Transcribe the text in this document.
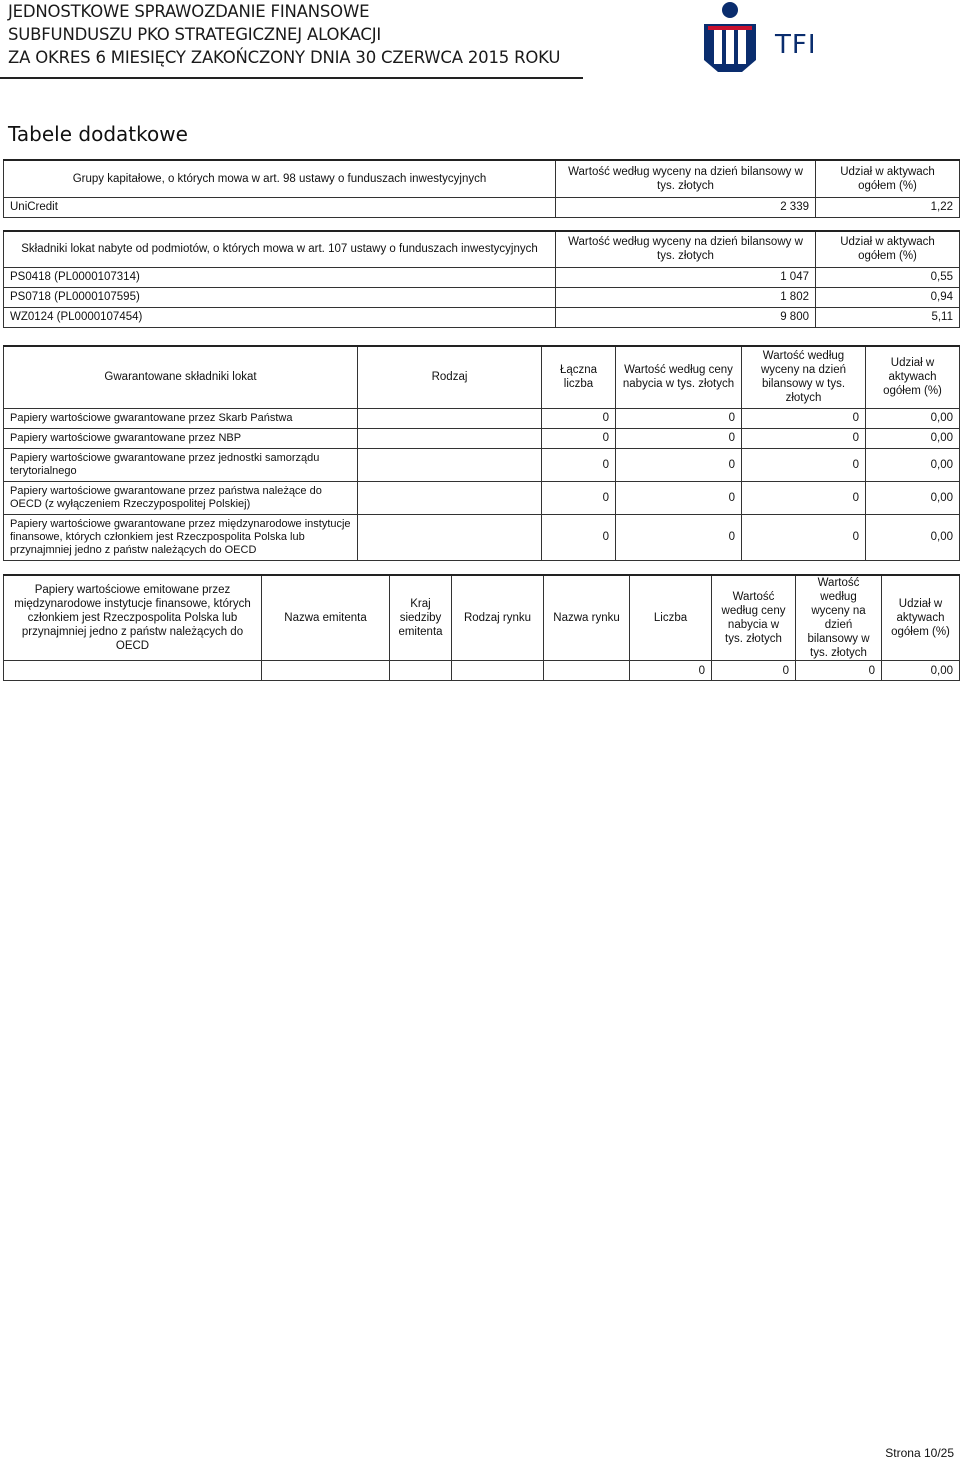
JEDNOSTKOWE SPRAWOZDANIE FINANSOWE
SUBFUNDUSZU PKO STRATEGICZNEJ ALOKACJI
ZA OKRES 6 MIESIĘCY ZAKOŃCZONY DNIA 30 CZERWCA 2015 ROKU	TFI
Tabele dodatkowe
Grupy kapitałowe, o których mowa w art. 98 ustawy o funduszach inwestycyjnych	Wartość według wyceny na dzień bilansowy w tys. złotych	Udział w aktywach ogółem (%)
UniCredit	2 339	1,22
Składniki lokat nabyte od podmiotów, o których mowa w art. 107 ustawy o funduszach inwestycyjnych	Wartość według wyceny na dzień bilansowy w tys. złotych	Udział w aktywach ogółem (%)
PS0418 (PL0000107314)	1 047	0,55
PS0718 (PL0000107595)	1 802	0,94
WZ0124 (PL0000107454)	9 800	5,11
Gwarantowane składniki lokat	Rodzaj	Łączna liczba	Wartość według ceny nabycia w tys. złotych	Wartość według wyceny na dzień bilansowy w tys. złotych	Udział w aktywach ogółem (%)
Papiery wartościowe gwarantowane przez Skarb Państwa		0	0	0	0,00
Papiery wartościowe gwarantowane przez NBP		0	0	0	0,00
Papiery wartościowe gwarantowane przez jednostki samorządu terytorialnego		0	0	0	0,00
Papiery wartościowe gwarantowane przez państwa należące do OECD (z wyłączeniem Rzeczypospolitej Polskiej)		0	0	0	0,00
Papiery wartościowe gwarantowane przez międzynarodowe instytucje finansowe, których członkiem jest Rzeczpospolita Polska lub przynajmniej jedno z państw należących do OECD		0	0	0	0,00
Papiery wartościowe emitowane przez międzynarodowe instytucje finansowe, których członkiem jest Rzeczpospolita Polska lub przynajmniej jedno z państw należących do OECD	Nazwa emitenta	Kraj siedziby emitenta	Rodzaj rynku	Nazwa rynku	Liczba	Wartość według ceny nabycia w tys. złotych	Wartość według wyceny na dzień bilansowy w tys. złotych	Udział w aktywach ogółem (%)
					0	0	0	0,00
Strona 10/25
